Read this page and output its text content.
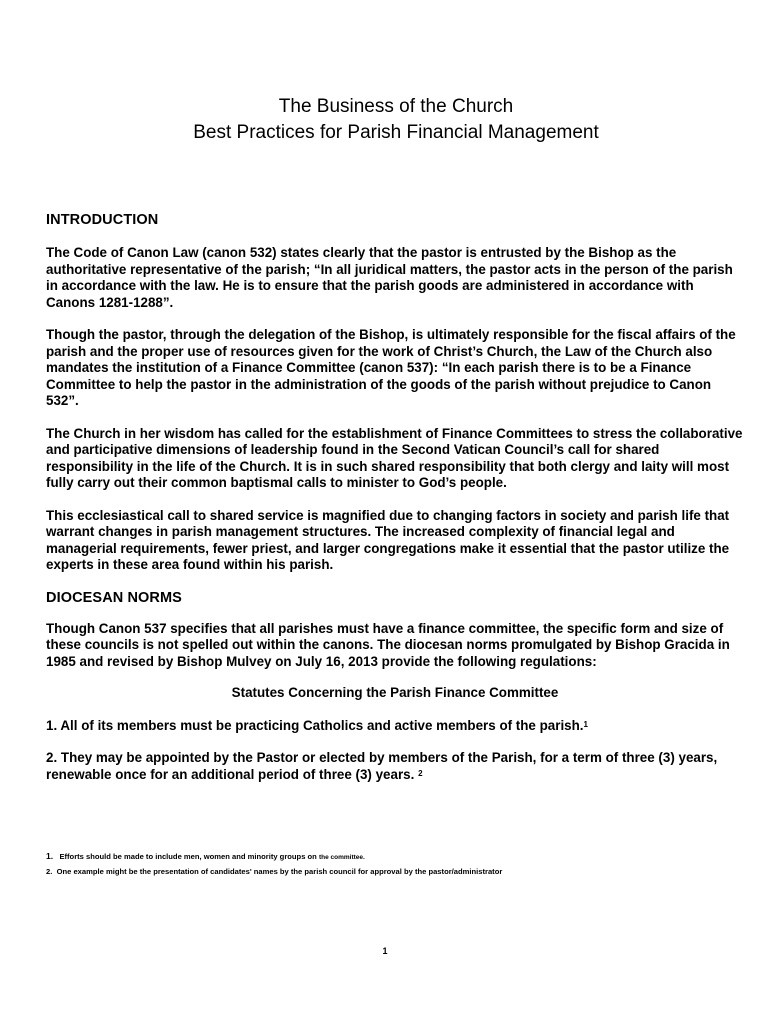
The Business of the Church

Best Practices for Parish Financial Management

INTRODUCTION

The Code of Canon Law (canon 532) states clearly that the pastor is entrusted by the Bishop as the authoritative representative of the parish; “In all juridical matters, the pastor acts in the person of the parish in accordance with the law. He is to ensure that the parish goods are administered in accordance with Canons 1281-1288”.

Though the pastor, through the delegation of the Bishop, is ultimately responsible for the fiscal affairs of the parish and the proper use of resources given for the work of Christ’s Church, the Law of the Church also mandates the institution of a Finance Committee (canon 537): “In each parish there is to be a Finance Committee to help the pastor in the administration of the goods of the parish without prejudice to Canon 532”.

The Church in her wisdom has called for the establishment of Finance Committees to stress the collaborative and participative dimensions of leadership found in the Second Vatican Council’s call for shared responsibility in the life of the Church. It is in such shared responsibility that both clergy and laity will most fully carry out their common baptismal calls to minister to God’s people.

This ecclesiastical call to shared service is magnified due to changing factors in society and parish life that warrant changes in parish management structures. The increased complexity of financial legal and managerial requirements, fewer priest, and larger congregations make it essential that the pastor utilize the experts in these area found within his parish.

DIOCESAN NORMS

Though Canon 537 specifies that all parishes must have a finance committee, the specific form and size of these councils is not spelled out within the canons. The diocesan norms promulgated by Bishop Gracida in 1985 and revised by Bishop Mulvey on July 16, 2013 provide the following regulations:

Statutes Concerning the Parish Finance Committee

1. All of its members must be practicing Catholics and active members of the parish.$^1$

2. They may be appointed by the Pastor or elected by members of the Parish, for a term of three (3) years, renewable once for an additional period of three (3) years. $^2$

1. Efforts should be made to include men, women and minority groups on the committee.

2. One example might be the presentation of candidates' names by the parish council for approval by the pastor/administrator

1
